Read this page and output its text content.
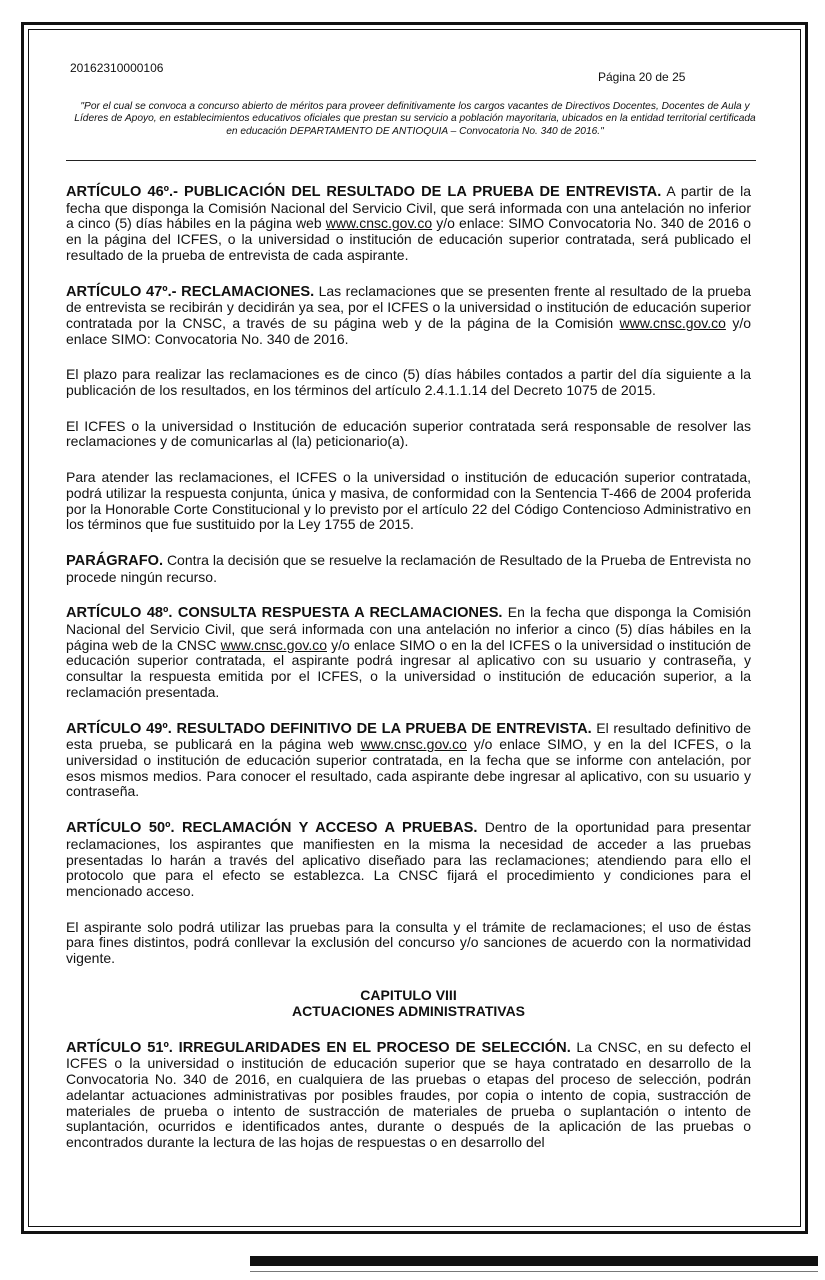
20162310000106
Página 20 de 25
"Por el cual se convoca a concurso abierto de méritos para proveer definitivamente los cargos vacantes de Directivos Docentes, Docentes de Aula y Líderes de Apoyo, en establecimientos educativos oficiales que prestan su servicio a población mayoritaria, ubicados en la entidad territorial certificada en educación DEPARTAMENTO DE ANTIOQUIA – Convocatoria No. 340 de 2016."

ARTÍCULO 46º.- PUBLICACIÓN DEL RESULTADO DE LA PRUEBA DE ENTREVISTA. A partir de la fecha que disponga la Comisión Nacional del Servicio Civil, que será informada con una antelación no inferior a cinco (5) días hábiles en la página web www.cnsc.gov.co y/o enlace: SIMO Convocatoria No. 340 de 2016 o en la página del ICFES, o la universidad o institución de educación superior contratada, será publicado el resultado de la prueba de entrevista de cada aspirante.

ARTÍCULO 47º.- RECLAMACIONES. Las reclamaciones que se presenten frente al resultado de la prueba de entrevista se recibirán y decidirán ya sea, por el ICFES o la universidad o institución de educación superior contratada por la CNSC, a través de su página web y de la página de la Comisión www.cnsc.gov.co y/o enlace SIMO: Convocatoria No. 340 de 2016.

El plazo para realizar las reclamaciones es de cinco (5) días hábiles contados a partir del día siguiente a la publicación de los resultados, en los términos del artículo 2.4.1.1.14 del Decreto 1075 de 2015.

El ICFES o la universidad o Institución de educación superior contratada será responsable de resolver las reclamaciones y de comunicarlas al (la) peticionario(a).

Para atender las reclamaciones, el ICFES o la universidad o institución de educación superior contratada, podrá utilizar la respuesta conjunta, única y masiva, de conformidad con la Sentencia T-466 de 2004 proferida por la Honorable Corte Constitucional y lo previsto por el artículo 22 del Código Contencioso Administrativo en los términos que fue sustituido por la Ley 1755 de 2015.

PARÁGRAFO. Contra la decisión que se resuelve la reclamación de Resultado de la Prueba de Entrevista no procede ningún recurso.

ARTÍCULO 48º. CONSULTA RESPUESTA A RECLAMACIONES. En la fecha que disponga la Comisión Nacional del Servicio Civil, que será informada con una antelación no inferior a cinco (5) días hábiles en la página web de la CNSC www.cnsc.gov.co y/o enlace SIMO o en la del ICFES o la universidad o institución de educación superior contratada, el aspirante podrá ingresar al aplicativo con su usuario y contraseña, y consultar la respuesta emitida por el ICFES, o la universidad o institución de educación superior, a la reclamación presentada.

ARTÍCULO 49º. RESULTADO DEFINITIVO DE LA PRUEBA DE ENTREVISTA. El resultado definitivo de esta prueba, se publicará en la página web www.cnsc.gov.co y/o enlace SIMO, y en la del ICFES, o la universidad o institución de educación superior contratada, en la fecha que se informe con antelación, por esos mismos medios. Para conocer el resultado, cada aspirante debe ingresar al aplicativo, con su usuario y contraseña.

ARTÍCULO 50º. RECLAMACIÓN Y ACCESO A PRUEBAS. Dentro de la oportunidad para presentar reclamaciones, los aspirantes que manifiesten en la misma la necesidad de acceder a las pruebas presentadas lo harán a través del aplicativo diseñado para las reclamaciones; atendiendo para ello el protocolo que para el efecto se establezca. La CNSC fijará el procedimiento y condiciones para el mencionado acceso.

El aspirante solo podrá utilizar las pruebas para la consulta y el trámite de reclamaciones; el uso de éstas para fines distintos, podrá conllevar la exclusión del concurso y/o sanciones de acuerdo con la normatividad vigente.

CAPITULO VIII
ACTUACIONES ADMINISTRATIVAS

ARTÍCULO 51º. IRREGULARIDADES EN EL PROCESO DE SELECCIÓN. La CNSC, en su defecto el ICFES o la universidad o institución de educación superior que se haya contratado en desarrollo de la Convocatoria No. 340 de 2016, en cualquiera de las pruebas o etapas del proceso de selección, podrán adelantar actuaciones administrativas por posibles fraudes, por copia o intento de copia, sustracción de materiales de prueba o intento de sustracción de materiales de prueba o suplantación o intento de suplantación, ocurridos e identificados antes, durante o después de la aplicación de las pruebas o encontrados durante la lectura de las hojas de respuestas o en desarrollo del
